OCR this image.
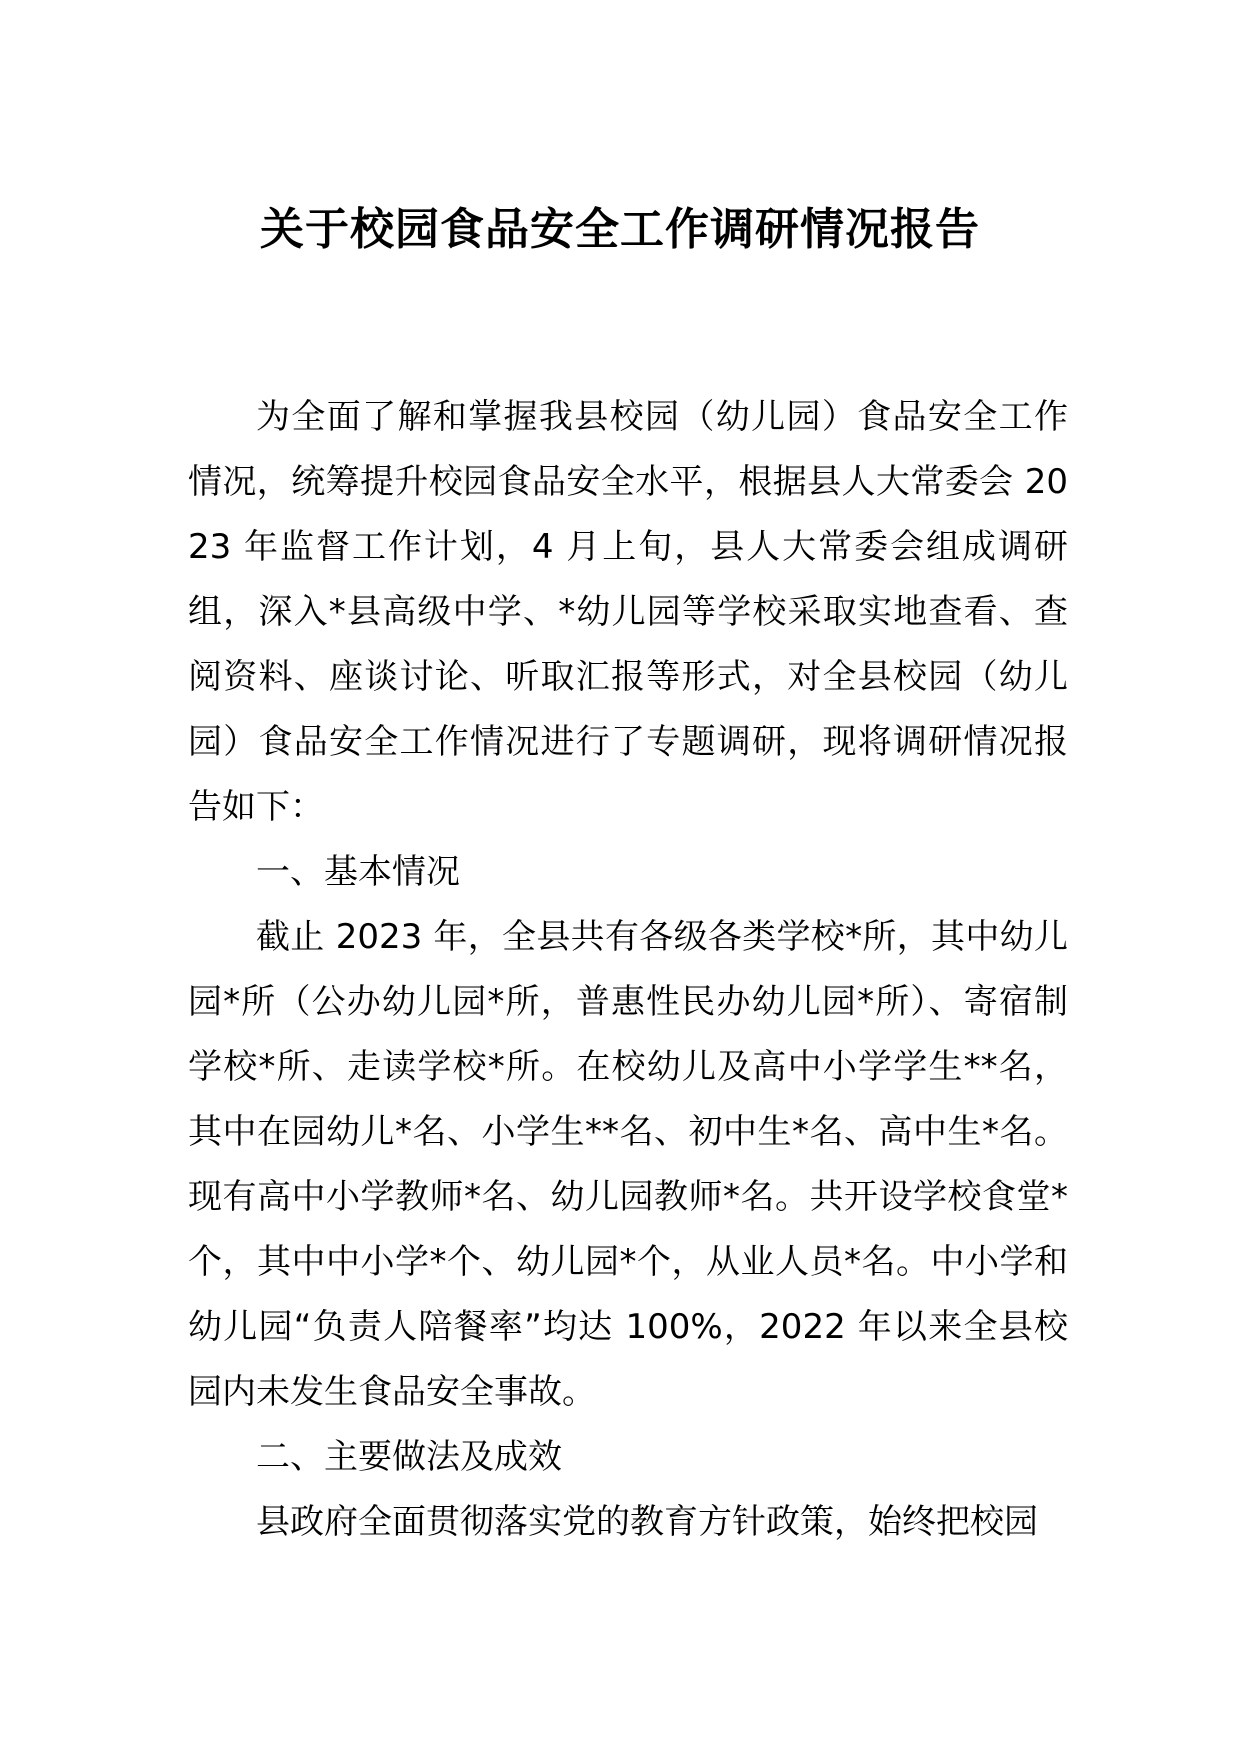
关于校园食品安全工作调研情况报告

为全面了解和掌握我县校园（幼儿园）食品安全工作情况，统筹提升校园食品安全水平，根据县人大常委会 2023 年监督工作计划，4 月上旬，县人大常委会组成调研组，深入*县高级中学、*幼儿园等学校采取实地查看、查阅资料、座谈讨论、听取汇报等形式，对全县校园（幼儿园）食品安全工作情况进行了专题调研，现将调研情况报告如下：

一、基本情况

截止 2023 年，全县共有各级各类学校*所，其中幼儿园*所（公办幼儿园*所，普惠性民办幼儿园*所）、寄宿制学校*所、走读学校*所。在校幼儿及高中小学学生**名，其中在园幼儿*名、小学生**名、初中生*名、高中生*名。现有高中小学教师*名、幼儿园教师*名。共开设学校食堂*个，其中中小学*个、幼儿园*个，从业人员*名。中小学和幼儿园“负责人陪餐率”均达 100%，2022 年以来全县校园内未发生食品安全事故。

二、主要做法及成效

县政府全面贯彻落实党的教育方针政策，始终把校园
